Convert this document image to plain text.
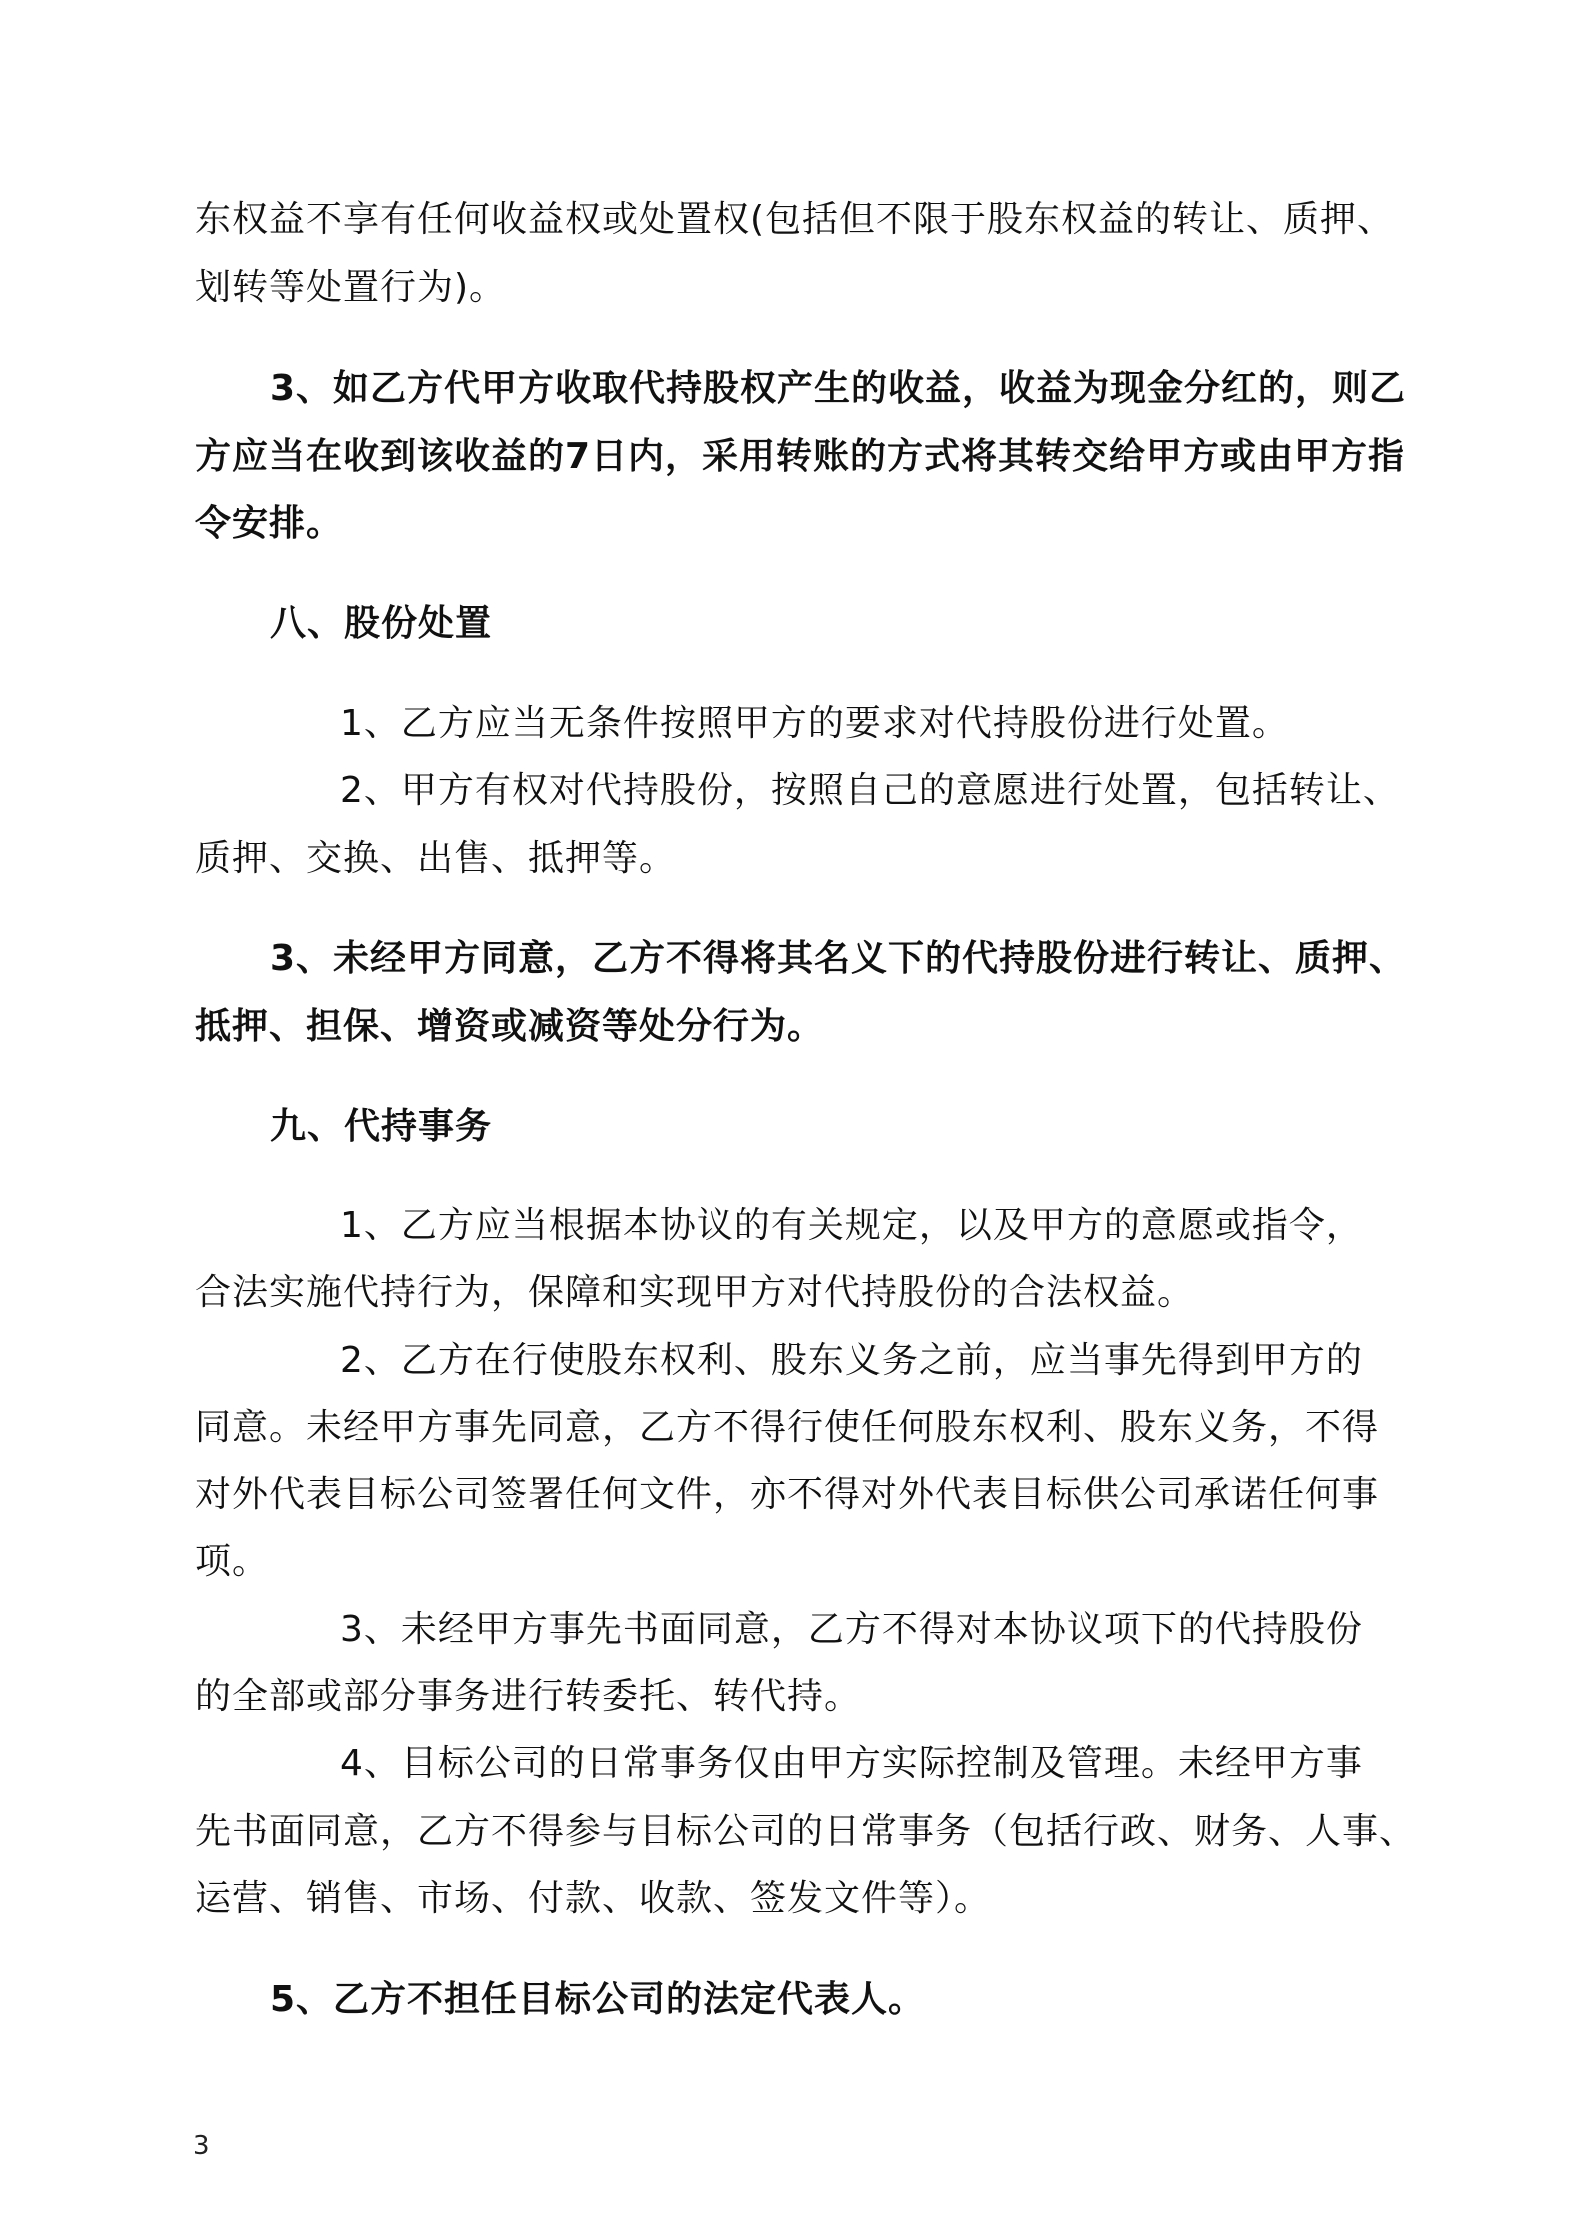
东权益不享有任何收益权或处置权(包括但不限于股东权益的转让、质押、
划转等处置行为)。
3、如乙方代甲方收取代持股权产生的收益，收益为现金分红的，则乙
方应当在收到该收益的7日内，采用转账的方式将其转交给甲方或由甲方指
令安排。
八、股份处置
1、乙方应当无条件按照甲方的要求对代持股份进行处置。
2、甲方有权对代持股份，按照自己的意愿进行处置，包括转让、
质押、交换、出售、抵押等。
3、未经甲方同意，乙方不得将其名义下的代持股份进行转让、质押、
抵押、担保、增资或减资等处分行为。
九、代持事务
1、乙方应当根据本协议的有关规定，以及甲方的意愿或指令，
合法实施代持行为，保障和实现甲方对代持股份的合法权益。
2、乙方在行使股东权利、股东义务之前，应当事先得到甲方的
同意。未经甲方事先同意，乙方不得行使任何股东权利、股东义务，不得
对外代表目标公司签署任何文件，亦不得对外代表目标供公司承诺任何事
项。
3、未经甲方事先书面同意，乙方不得对本协议项下的代持股份
的全部或部分事务进行转委托、转代持。
4、目标公司的日常事务仅由甲方实际控制及管理。未经甲方事
先书面同意，乙方不得参与目标公司的日常事务（包括行政、财务、人事、
运营、销售、市场、付款、收款、签发文件等）。
5、乙方不担任目标公司的法定代表人。
3
